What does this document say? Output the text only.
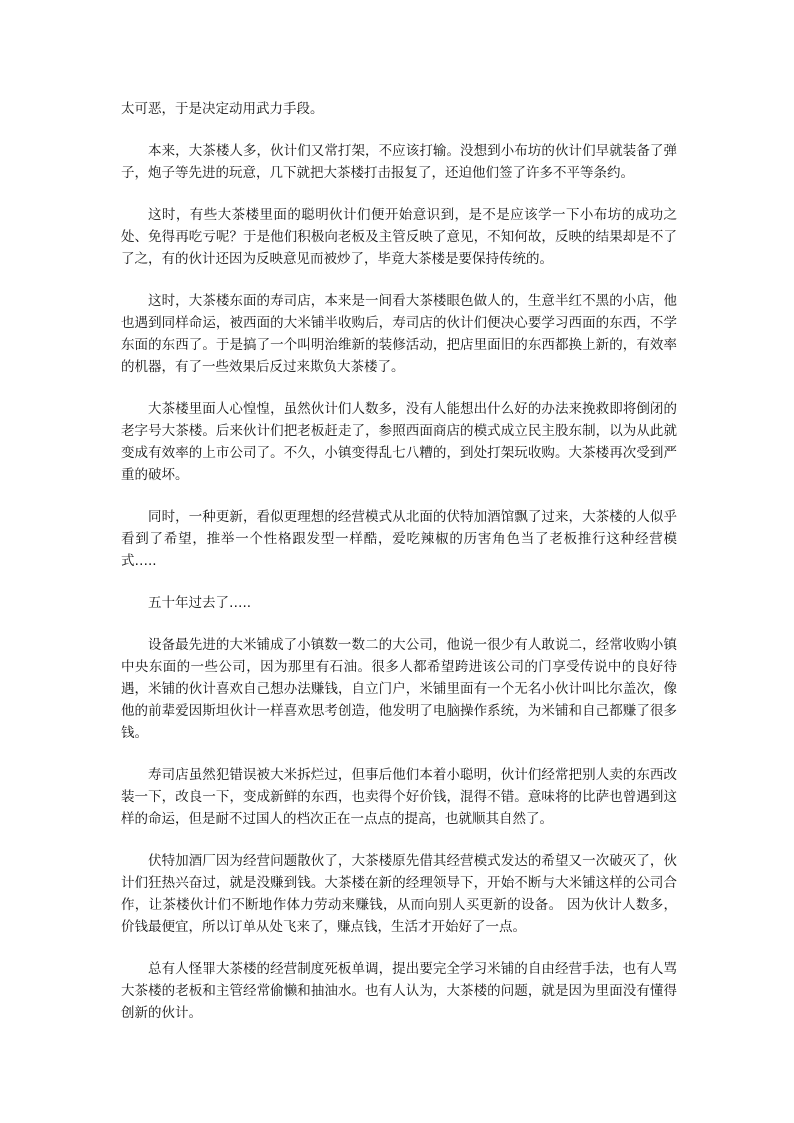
太可恶，于是决定动用武力手段。

本来，大茶楼人多，伙计们又常打架，不应该打输。没想到小布坊的伙计们早就装备了弹子，炮子等先进的玩意，几下就把大茶楼打击报复了，还迫他们签了许多不平等条约。

这时，有些大茶楼里面的聪明伙计们便开始意识到，是不是应该学一下小布坊的成功之处、免得再吃亏呢？于是他们积极向老板及主管反映了意见，不知何故，反映的结果却是不了了之，有的伙计还因为反映意见而被炒了，毕竟大茶楼是要保持传统的。

这时，大茶楼东面的寿司店，本来是一间看大茶楼眼色做人的，生意半红不黑的小店，他也遇到同样命运，被西面的大米铺半收购后，寿司店的伙计们便决心要学习西面的东西，不学东面的东西了。于是搞了一个叫明治维新的装修活动，把店里面旧的东西都换上新的，有效率的机器，有了一些效果后反过来欺负大茶楼了。

大茶楼里面人心惶惶，虽然伙计们人数多，没有人能想出什么好的办法来挽救即将倒闭的老字号大茶楼。后来伙计们把老板赶走了，参照西面商店的模式成立民主股东制，以为从此就变成有效率的上市公司了。不久，小镇变得乱七八糟的，到处打架玩收购。大茶楼再次受到严重的破坏。

同时，一种更新，看似更理想的经营模式从北面的伏特加酒馆飘了过来，大茶楼的人似乎看到了希望，推举一个性格跟发型一样酷，爱吃辣椒的历害角色当了老板推行这种经营模式…..

五十年过去了…..

设备最先进的大米铺成了小镇数一数二的大公司，他说一很少有人敢说二，经常收购小镇中央东面的一些公司，因为那里有石油。很多人都希望跨进该公司的门享受传说中的良好待遇，米铺的伙计喜欢自己想办法赚钱，自立门户，米铺里面有一个无名小伙计叫比尔盖次，像他的前辈爱因斯坦伙计一样喜欢思考创造，他发明了电脑操作系统，为米铺和自己都赚了很多钱。

寿司店虽然犯错误被大米拆烂过，但事后他们本着小聪明，伙计们经常把别人卖的东西改装一下，改良一下，变成新鲜的东西，也卖得个好价钱，混得不错。意味将的比萨也曾遇到这样的命运，但是耐不过国人的档次正在一点点的提高，也就顺其自然了。

伏特加酒厂因为经营问题散伙了，大茶楼原先借其经营模式发达的希望又一次破灭了，伙计们狂热兴奋过，就是没赚到钱。大茶楼在新的经理领导下，开始不断与大米铺这样的公司合作，让茶楼伙计们不断地作体力劳动来赚钱，从而向别人买更新的设备。 因为伙计人数多，价钱最便宜，所以订单从处飞来了，赚点钱，生活才开始好了一点。

总有人怪罪大茶楼的经营制度死板单调，提出要完全学习米铺的自由经营手法，也有人骂大茶楼的老板和主管经常偷懒和抽油水。也有人认为，大茶楼的问题，就是因为里面没有懂得创新的伙计。
